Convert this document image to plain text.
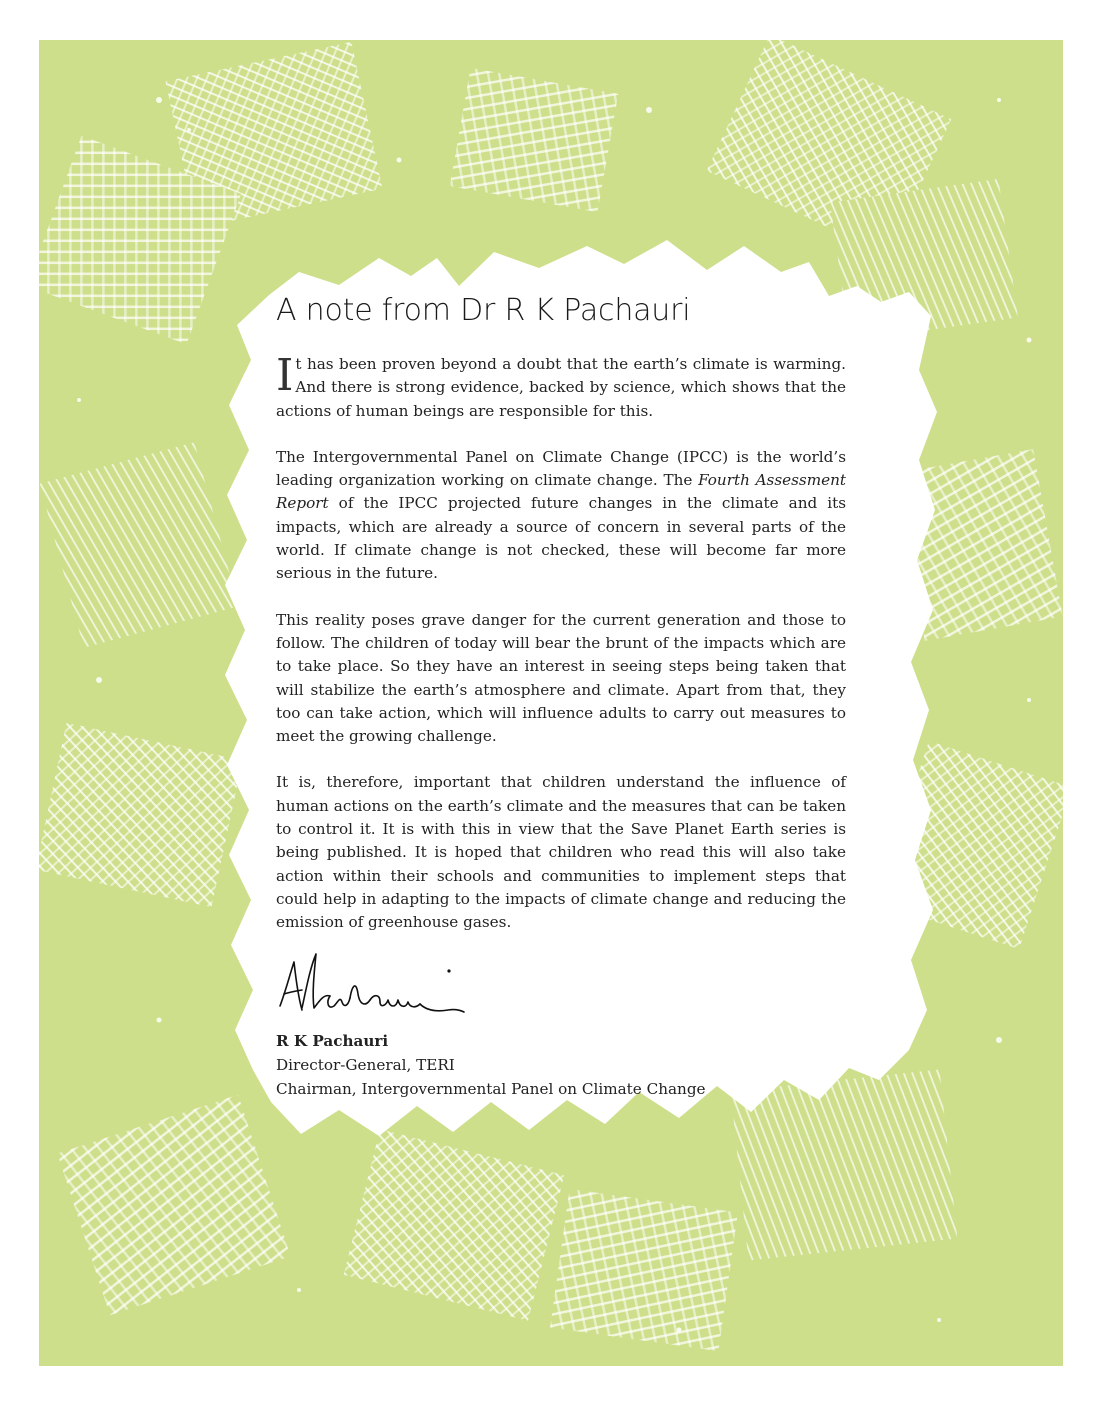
A note from Dr R K Pachauri

It has been proven beyond a doubt that the earth’s climate is warming. And there is strong evidence, backed by science, which shows that the actions of human beings are responsible for this.

The Intergovernmental Panel on Climate Change (IPCC) is the world’s leading organization working on climate change. The Fourth Assessment Report of the IPCC projected future changes in the climate and its impacts, which are already a source of concern in several parts of the world. If climate change is not checked, these will become far more serious in the future.

This reality poses grave danger for the current generation and those to follow. The children of today will bear the brunt of the impacts which are to take place. So they have an interest in seeing steps being taken that will stabilize the earth’s atmosphere and climate. Apart from that, they too can take action, which will influence adults to carry out measures to meet the growing challenge.

It is, therefore, important that children understand the influence of human actions on the earth’s climate and the measures that can be taken to control it. It is with this in view that the Save Planet Earth series is being published. It is hoped that children who read this will also take action within their schools and communities to implement steps that could help in adapting to the impacts of climate change and reducing the emission of greenhouse gases.

R K Pachauri
Director-General, TERI
Chairman, Intergovernmental Panel on Climate Change
